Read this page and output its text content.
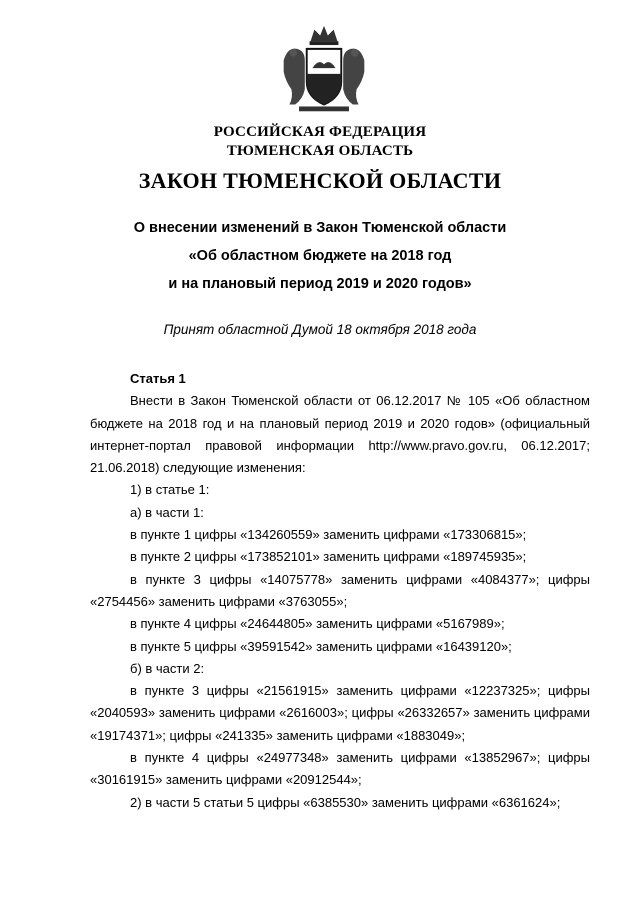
РОССИЙСКАЯ ФЕДЕРАЦИЯ
ТЮМЕНСКАЯ ОБЛАСТЬ
ЗАКОН ТЮМЕНСКОЙ ОБЛАСТИ
О внесении изменений в Закон Тюменской области
«Об областном бюджете на 2018 год
и на плановый период 2019 и 2020 годов»
Принят областной Думой 18 октября 2018 года

Статья 1

Внести в Закон Тюменской области от 06.12.2017 № 105 «Об областном бюджете на 2018 год и на плановый период 2019 и 2020 годов» (официальный интернет-портал правовой информации http://www.pravo.gov.ru, 06.12.2017; 21.06.2018) следующие изменения:

1) в статье 1:

а) в части 1:

в пункте 1 цифры «134260559» заменить цифрами «173306815»;

в пункте 2 цифры «173852101» заменить цифрами «189745935»;

в пункте 3 цифры «14075778» заменить цифрами «4084377»; цифры «2754456» заменить цифрами «3763055»;

в пункте 4 цифры «24644805» заменить цифрами «5167989»;

в пункте 5 цифры «39591542» заменить цифрами «16439120»;

б) в части 2:

в пункте 3 цифры «21561915» заменить цифрами «12237325»; цифры «2040593» заменить цифрами «2616003»; цифры «26332657» заменить цифрами «19174371»; цифры «241335» заменить цифрами «1883049»;

в пункте 4 цифры «24977348» заменить цифрами «13852967»; цифры «30161915» заменить цифрами «20912544»;

2) в части 5 статьи 5 цифры «6385530» заменить цифрами «6361624»;
